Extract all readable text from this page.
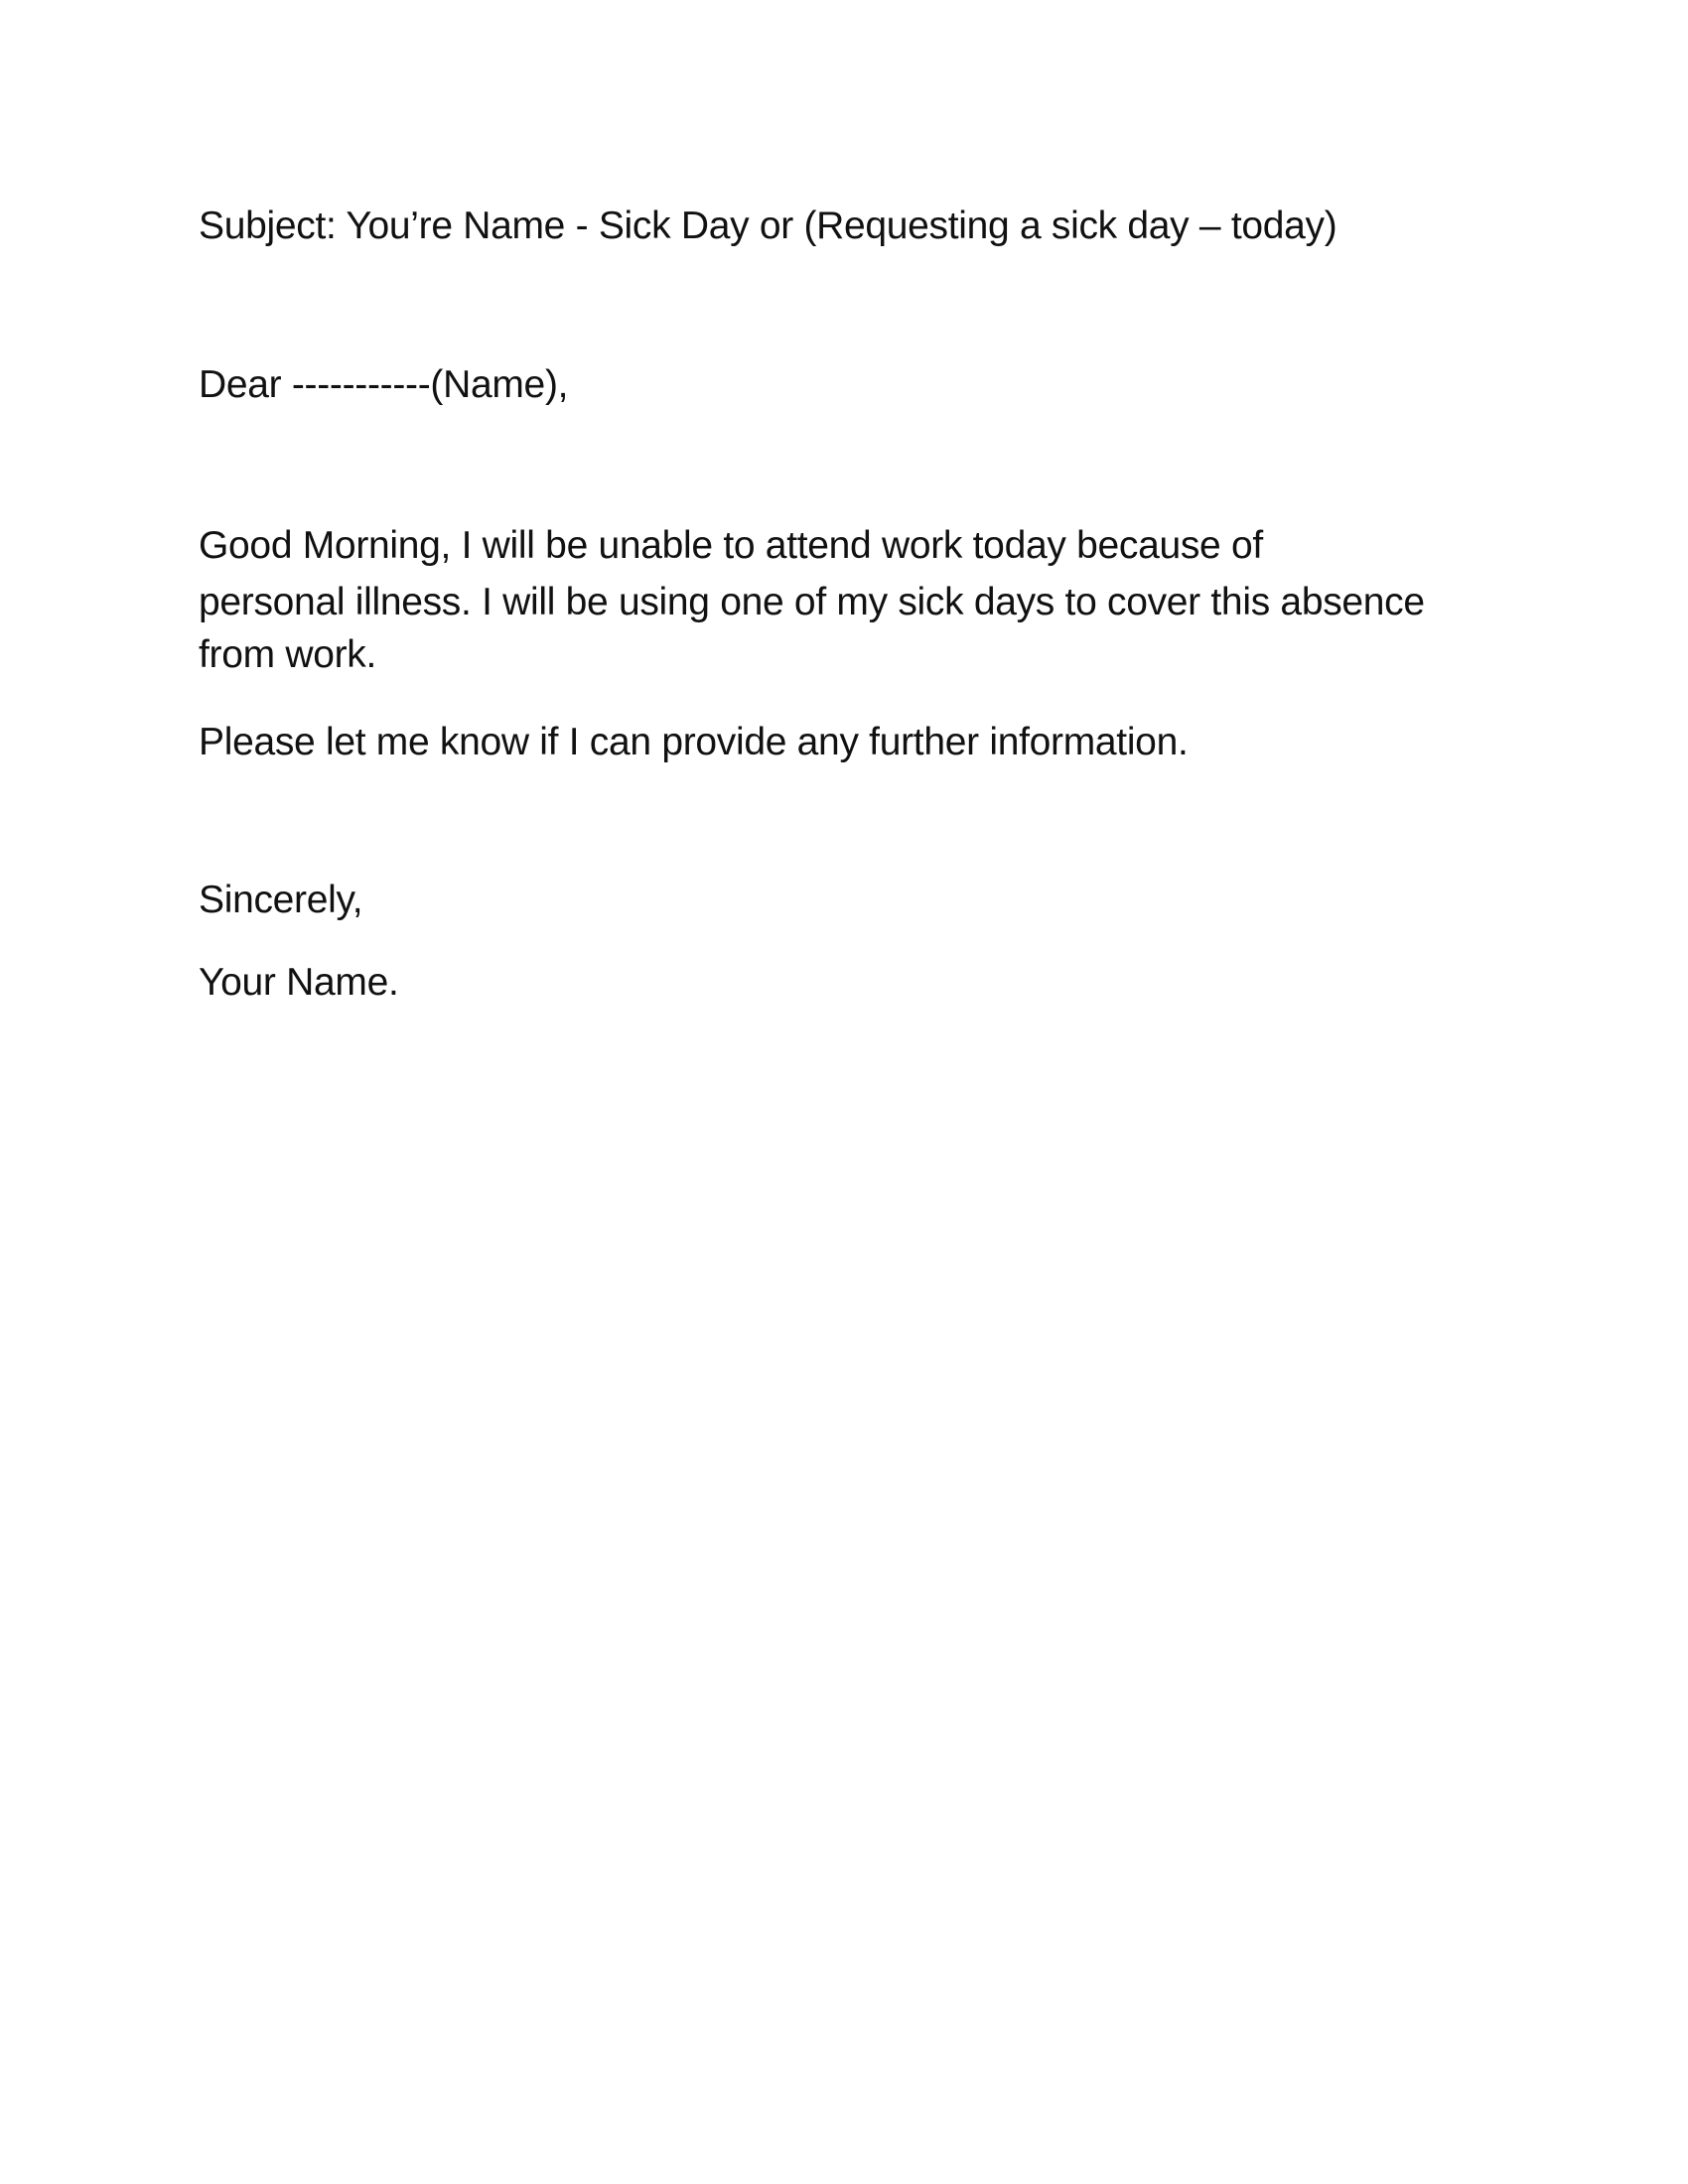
Subject: You’re Name - Sick Day or (Requesting a sick day – today)
Dear -----------(Name),
Good Morning, I will be unable to attend work today because of
personal illness. I will be using one of my sick days to cover this absence
from work.
Please let me know if I can provide any further information.
Sincerely,
Your Name.
